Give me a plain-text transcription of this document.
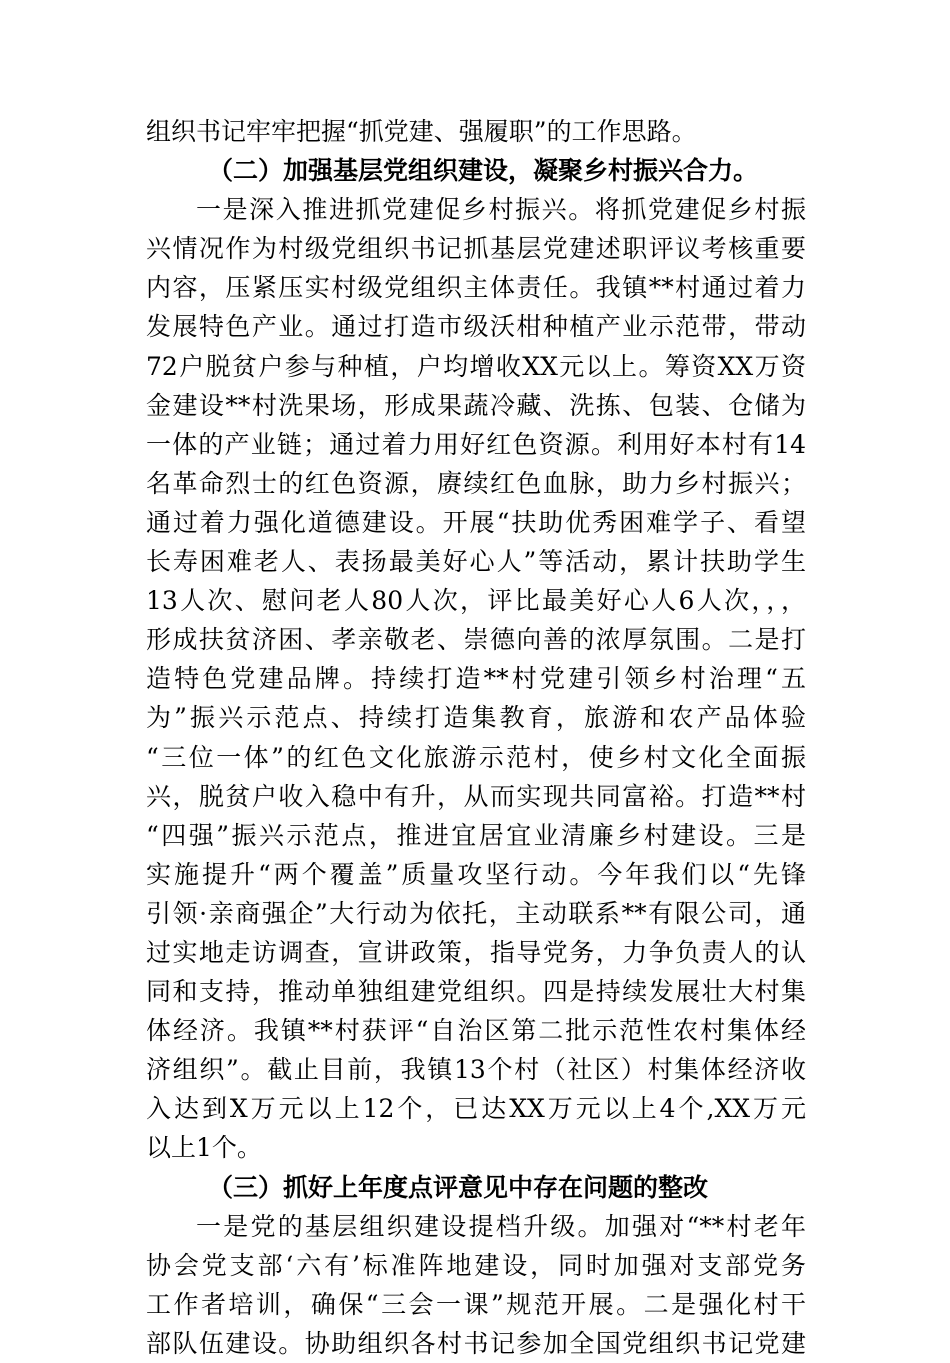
组织书记牢牢把握“抓党建、强履职”的工作思路。
（二）加强基层党组织建设，凝聚乡村振兴合力。
一是深入推进抓党建促乡村振兴。将抓党建促乡村振
兴情况作为村级党组织书记抓基层党建述职评议考核重要
内容，压紧压实村级党组织主体责任。我镇**村通过着力
发展特色产业。通过打造市级沃柑种植产业示范带，带动
72户脱贫户参与种植，户均增收XX元以上。筹资XX万资
金建设**村洗果场，形成果蔬冷藏、洗拣、包装、仓储为
一体的产业链；通过着力用好红色资源。利用好本村有14
名革命烈士的红色资源，赓续红色血脉，助力乡村振兴；
通过着力强化道德建设。开展“扶助优秀困难学子、看望
长寿困难老人、表扬最美好心人”等活动，累计扶助学生
13人次、慰问老人80人次，评比最美好心人6人次，，，
形成扶贫济困、孝亲敬老、崇德向善的浓厚氛围。二是打
造特色党建品牌。持续打造**村党建引领乡村治理“五
为”振兴示范点、持续打造集教育，旅游和农产品体验
“三位一体”的红色文化旅游示范村，使乡村文化全面振
兴，脱贫户收入稳中有升，从而实现共同富裕。打造**村
“四强”振兴示范点，推进宜居宜业清廉乡村建设。三是
实施提升“两个覆盖”质量攻坚行动。今年我们以“先锋
引领·亲商强企”大行动为依托，主动联系**有限公司，通
过实地走访调查，宣讲政策，指导党务，力争负责人的认
同和支持，推动单独组建党组织。四是持续发展壮大村集
体经济。我镇**村获评“自治区第二批示范性农村集体经
济组织”。截止目前，我镇13个村（社区）村集体经济收
入达到X万元以上12个，已达XX万元以上4个,XX万元
以上1个。
（三）抓好上年度点评意见中存在问题的整改
一是党的基层组织建设提档升级。加强对“**村老年
协会党支部‘六有’标准阵地建设，同时加强对支部党务
工作者培训，确保“三会一课”规范开展。二是强化村干
部队伍建设。协助组织各村书记参加全国党组织书记党建
